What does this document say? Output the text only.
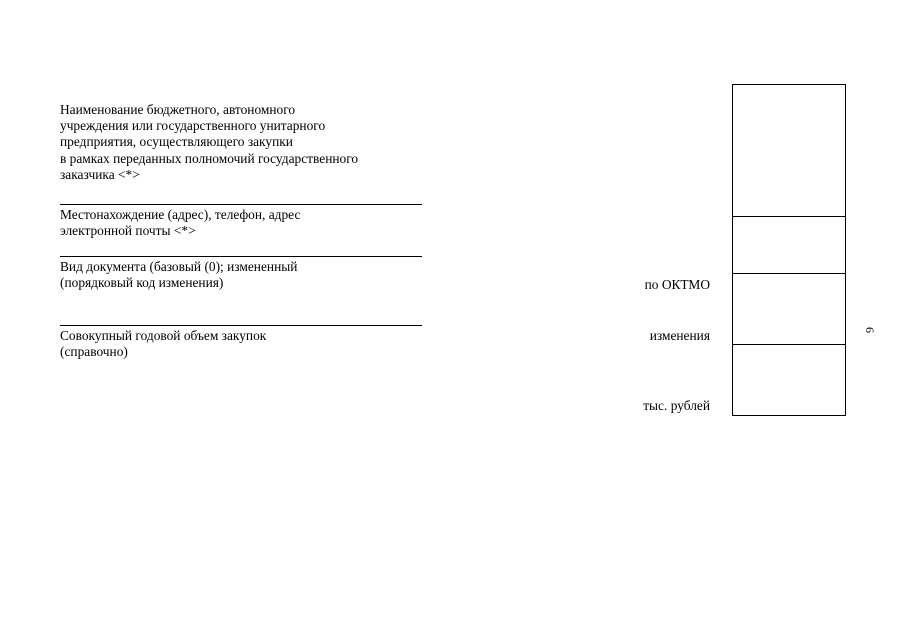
Наименование бюджетного, автономного
учреждения или государственного унитарного
предприятия, осуществляющего закупки
в рамках переданных полномочий государственного
заказчика <*>
Местонахождение (адрес), телефон, адрес
электронной почты <*>
Вид документа (базовый (0); измененный
(порядковый код изменения)
Совокупный годовой объем закупок
(справочно)
по ОКТМО
изменения
тыс. рублей
6
